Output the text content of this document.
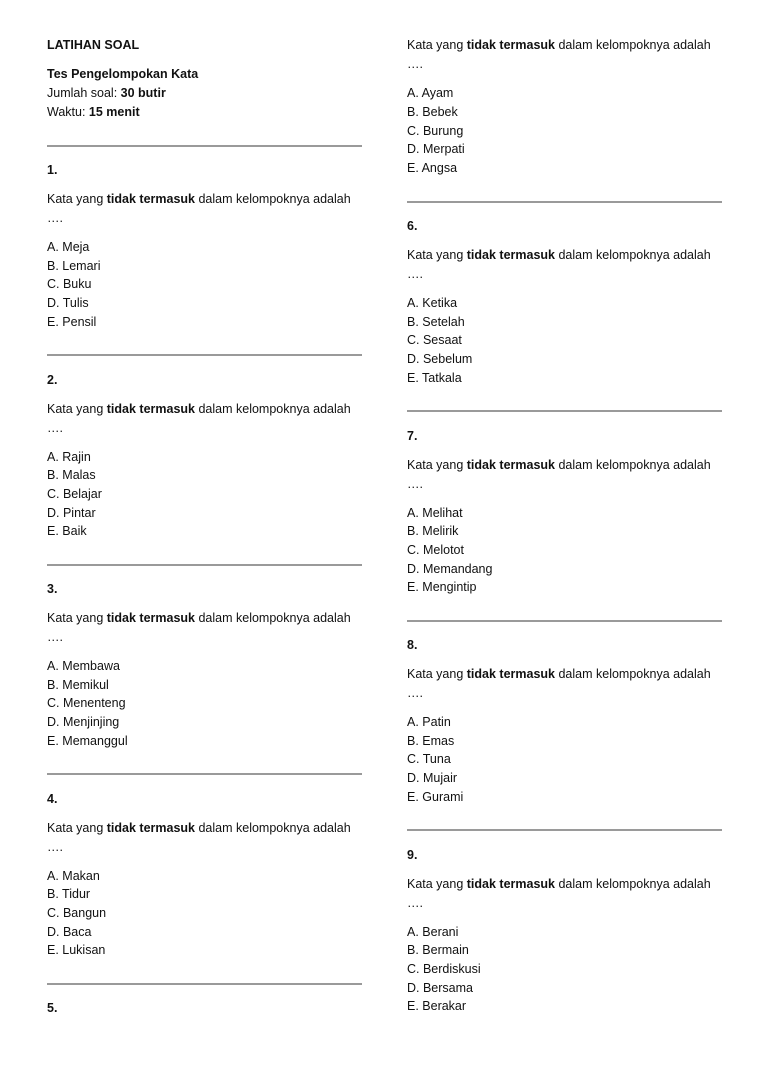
LATIHAN SOAL
Tes Pengelompokan Kata
Jumlah soal: 30 butir
Waktu: 15 menit
1.
Kata yang tidak termasuk dalam kelompoknya adalah
….
A. Meja
B. Lemari
C. Buku
D. Tulis
E. Pensil
2.
Kata yang tidak termasuk dalam kelompoknya adalah
….
A. Rajin
B. Malas
C. Belajar
D. Pintar
E. Baik
3.
Kata yang tidak termasuk dalam kelompoknya adalah
….
A. Membawa
B. Memikul
C. Menenteng
D. Menjinjing
E. Memanggul
4.
Kata yang tidak termasuk dalam kelompoknya adalah
….
A. Makan
B. Tidur
C. Bangun
D. Baca
E. Lukisan
5.
Kata yang tidak termasuk dalam kelompoknya adalah
….
A. Ayam
B. Bebek
C. Burung
D. Merpati
E. Angsa
6.
Kata yang tidak termasuk dalam kelompoknya adalah
….
A. Ketika
B. Setelah
C. Sesaat
D. Sebelum
E. Tatkala
7.
Kata yang tidak termasuk dalam kelompoknya adalah
….
A. Melihat
B. Melirik
C. Melotot
D. Memandang
E. Mengintip
8.
Kata yang tidak termasuk dalam kelompoknya adalah
….
A. Patin
B. Emas
C. Tuna
D. Mujair
E. Gurami
9.
Kata yang tidak termasuk dalam kelompoknya adalah
….
A. Berani
B. Bermain
C. Berdiskusi
D. Bersama
E. Berakar
